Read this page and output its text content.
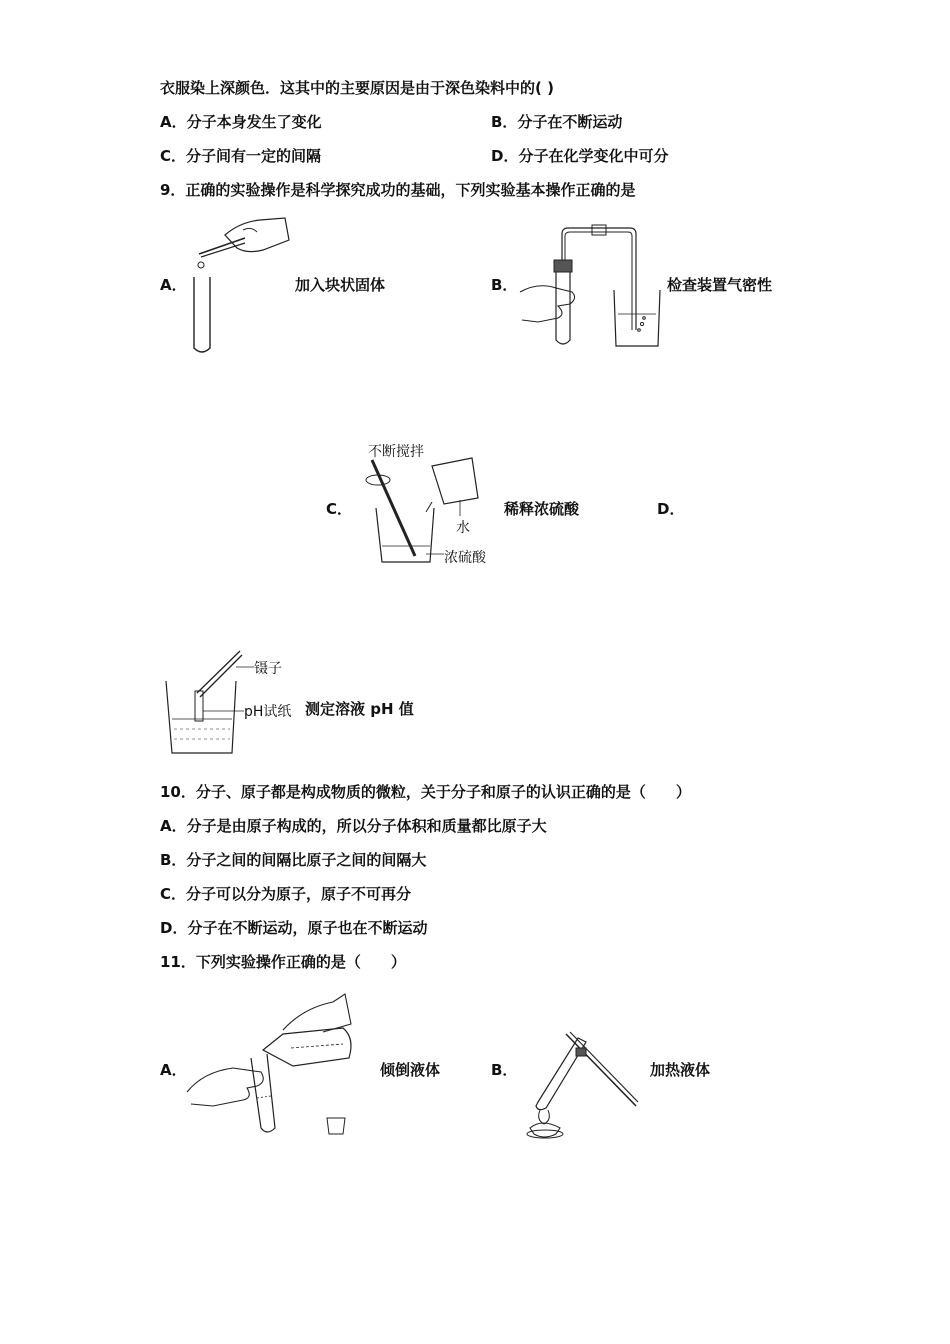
衣服染上深颜色．这其中的主要原因是由于深色染料中的( )
A．分子本身发生了变化	B．分子在不断运动
C．分子间有一定的间隔	D．分子在化学变化中可分
9．正确的实验操作是科学探究成功的基础，下列实验基本操作正确的是
A．	加入块状固体	B．	检查装置气密性
C．
不断搅拌
水
浓硫酸
稀释浓硫酸	D．
镊子
pH试纸 测定溶液 pH 值
10．分子、原子都是构成物质的微粒，关于分子和原子的认识正确的是（　　）
A．分子是由原子构成的，所以分子体积和质量都比原子大
B．分子之间的间隔比原子之间的间隔大
C．分子可以分为原子，原子不可再分
D．分子在不断运动，原子也在不断运动
11．下列实验操作正确的是（　　）
A．	倾倒液体	B．	加热液体
